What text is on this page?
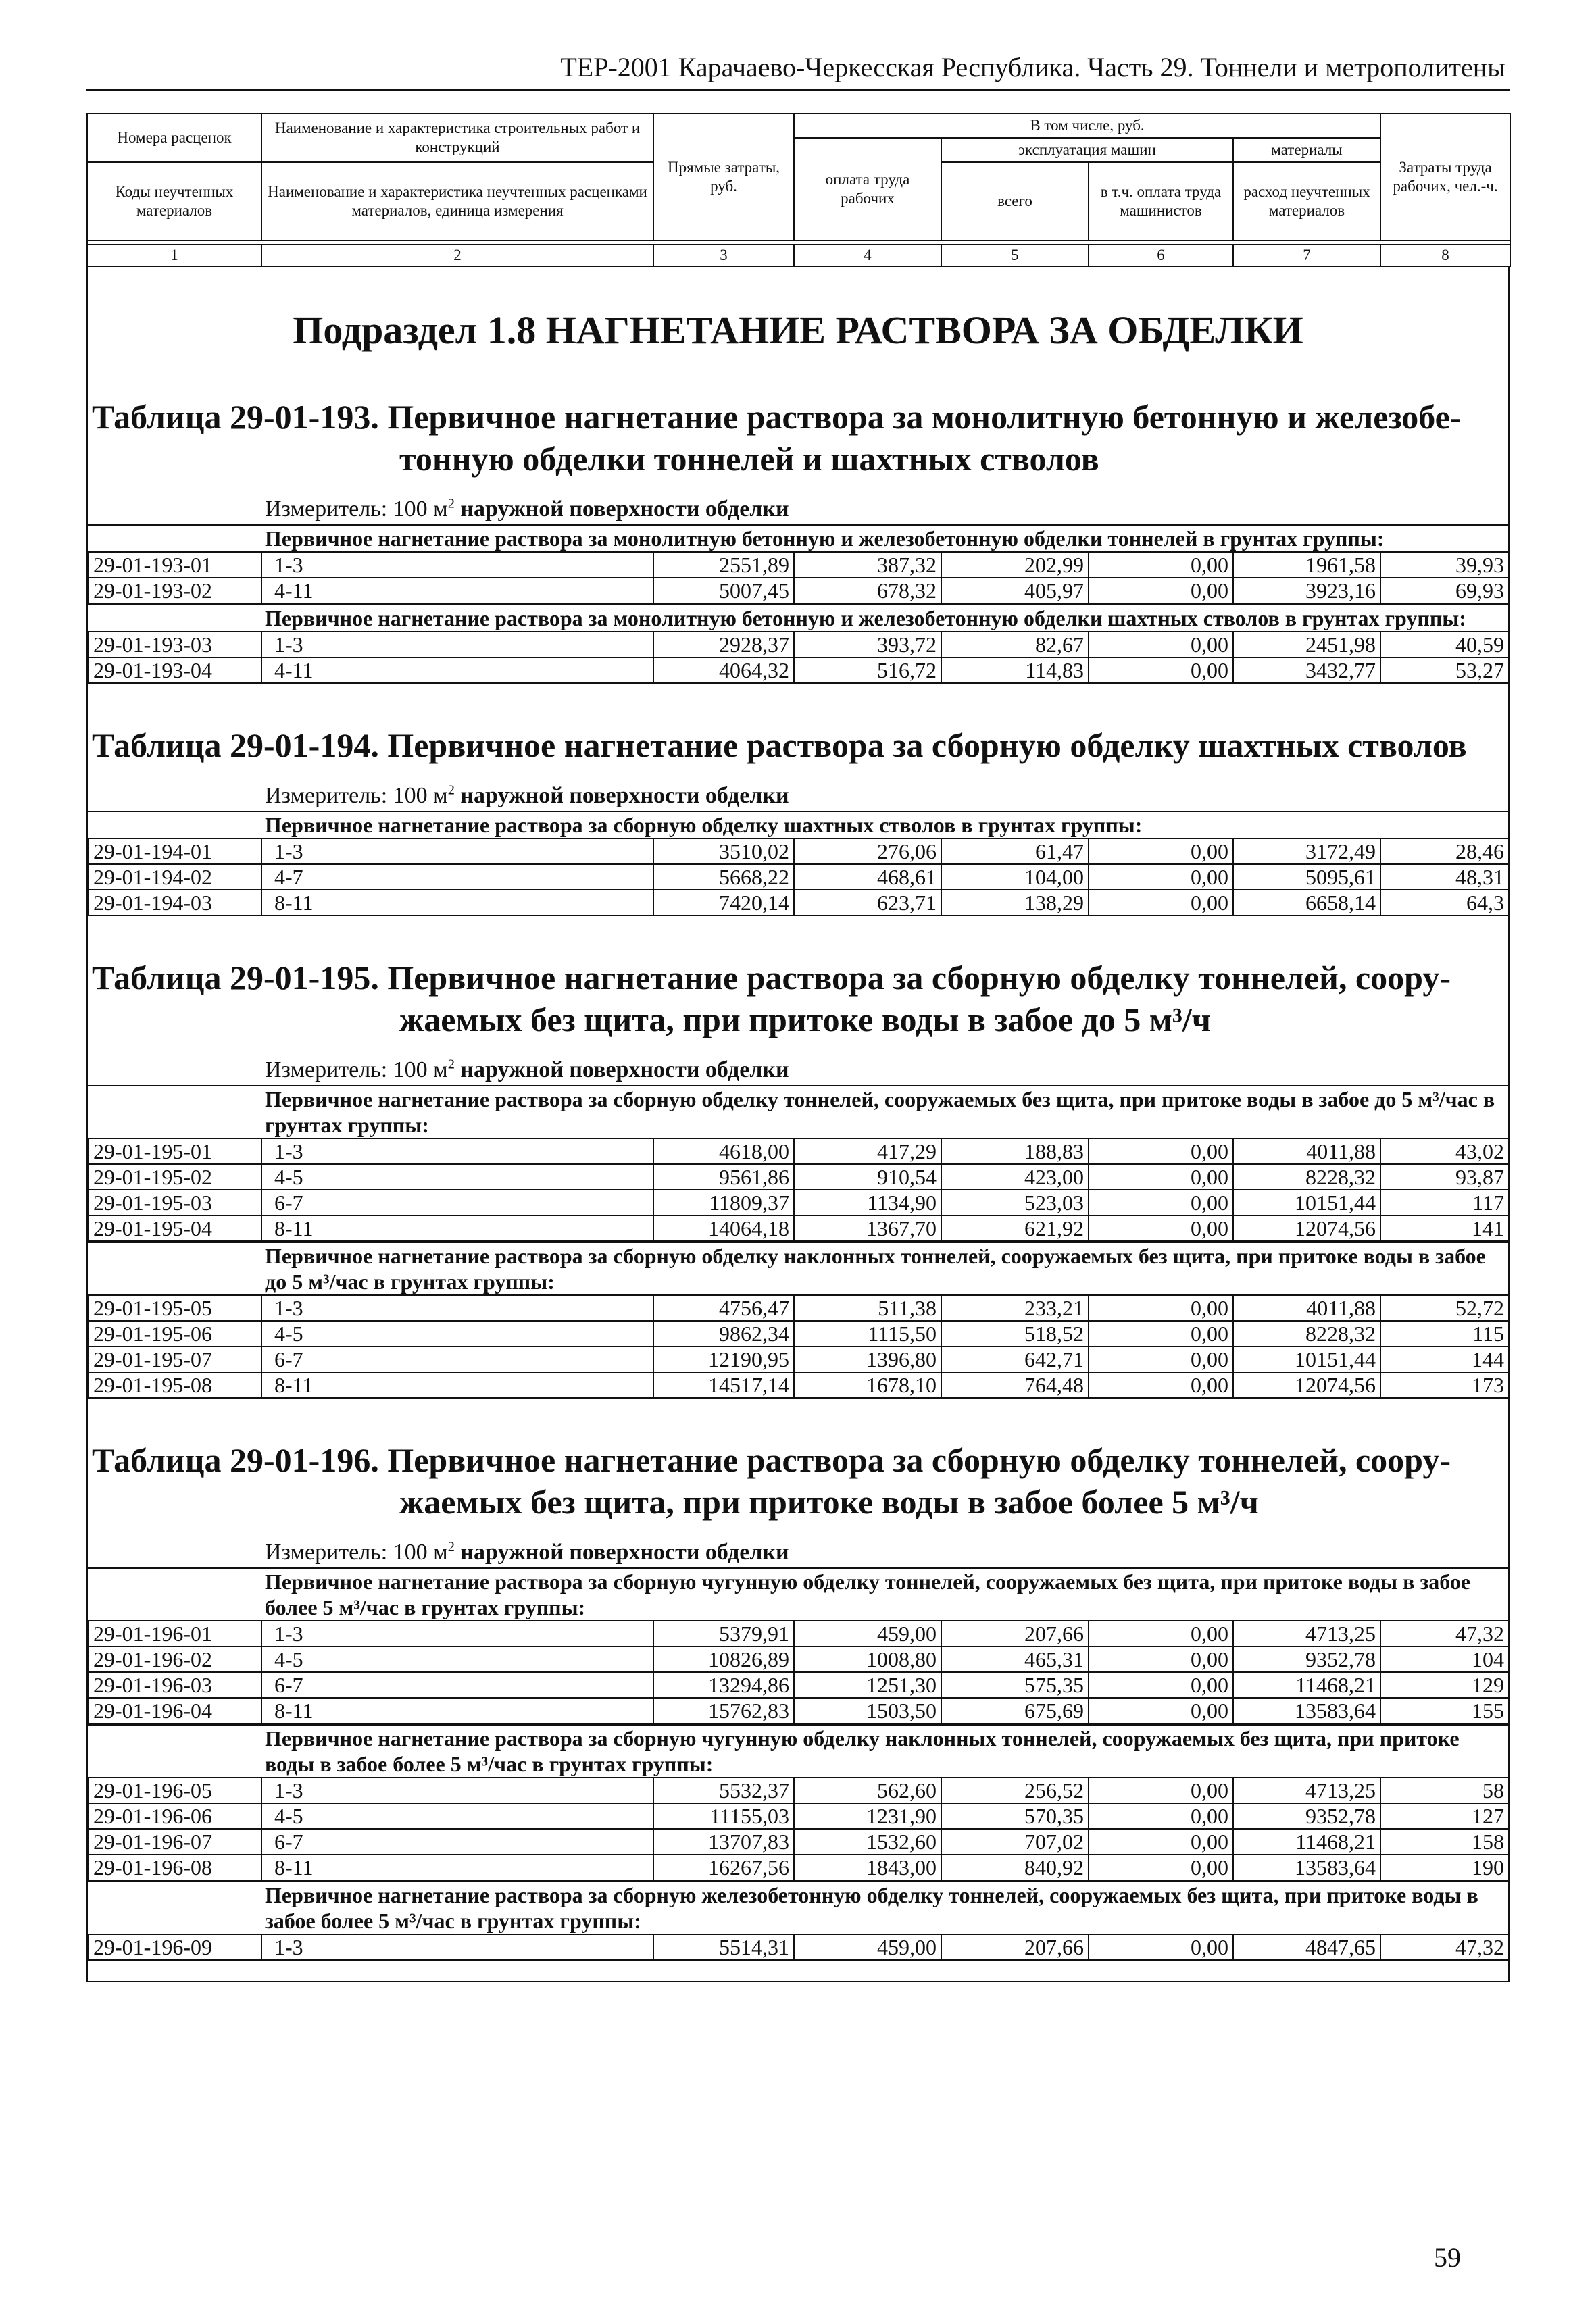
ТЕР-2001 Карачаево-Черкесская Республика. Часть 29. Тоннели и метрополитены
Номера расценок	Наименование и характеристика строительных работ и конструкций	Прямые затраты, руб.	В том числе, руб.				Затраты труда рабочих, чел.-ч.
			оплата труда рабочих	эксплуатация машин		материалы	
Коды неучтенных материалов	Наименование и характеристика неучтенных расценками материалов, единица измерения			всего	в т.ч. оплата труда машинистов	расход неучтенных материалов	

1	2	3	4	5	6	7	8
Подраздел 1.8 НАГНЕТАНИЕ РАСТВОРА ЗА ОБДЕЛКИ
Таблица 29-01-193. Первичное нагнетание раствора за монолитную бетонную и железобе-
тонную обделки тоннелей и шахтных стволов
Измеритель: 100 $м^2$ наружной поверхности обделки
Первичное нагнетание раствора за монолитную бетонную и железобетонную обделки тоннелей в грунтах группы:
29-01-193-01	1-3	2551,89	387,32	202,99	0,00	1961,58	39,93
29-01-193-02	4-11	5007,45	678,32	405,97	0,00	3923,16	69,93
Первичное нагнетание раствора за монолитную бетонную и железобетонную обделки шахтных стволов в грунтах группы:
29-01-193-03	1-3	2928,37	393,72	82,67	0,00	2451,98	40,59
29-01-193-04	4-11	4064,32	516,72	114,83	0,00	3432,77	53,27
Таблица 29-01-194. Первичное нагнетание раствора за сборную обделку шахтных стволов
Измеритель: 100 $м^2$ наружной поверхности обделки
Первичное нагнетание раствора за сборную обделку шахтных стволов в грунтах группы:
29-01-194-01	1-3	3510,02	276,06	61,47	0,00	3172,49	28,46
29-01-194-02	4-7	5668,22	468,61	104,00	0,00	5095,61	48,31
29-01-194-03	8-11	7420,14	623,71	138,29	0,00	6658,14	64,3
Таблица 29-01-195. Первичное нагнетание раствора за сборную обделку тоннелей, соору-
жаемых без щита, при притоке воды в забое до 5 м³/ч
Измеритель: 100 $м^2$ наружной поверхности обделки
Первичное нагнетание раствора за сборную обделку тоннелей, сооружаемых без щита, при притоке воды в забое до 5 м³/час в грунтах группы:
29-01-195-01	1-3	4618,00	417,29	188,83	0,00	4011,88	43,02
29-01-195-02	4-5	9561,86	910,54	423,00	0,00	8228,32	93,87
29-01-195-03	6-7	11809,37	1134,90	523,03	0,00	10151,44	117
29-01-195-04	8-11	14064,18	1367,70	621,92	0,00	12074,56	141
Первичное нагнетание раствора за сборную обделку наклонных тоннелей, сооружаемых без щита, при притоке воды в забое до 5 м³/час в грунтах группы:
29-01-195-05	1-3	4756,47	511,38	233,21	0,00	4011,88	52,72
29-01-195-06	4-5	9862,34	1115,50	518,52	0,00	8228,32	115
29-01-195-07	6-7	12190,95	1396,80	642,71	0,00	10151,44	144
29-01-195-08	8-11	14517,14	1678,10	764,48	0,00	12074,56	173
Таблица 29-01-196. Первичное нагнетание раствора за сборную обделку тоннелей, соору-
жаемых без щита, при притоке воды в забое более 5 м³/ч
Измеритель: 100 $м^2$ наружной поверхности обделки
Первичное нагнетание раствора за сборную чугунную обделку тоннелей, сооружаемых без щита, при притоке воды в забое более 5 м³/час в грунтах группы:
29-01-196-01	1-3	5379,91	459,00	207,66	0,00	4713,25	47,32
29-01-196-02	4-5	10826,89	1008,80	465,31	0,00	9352,78	104
29-01-196-03	6-7	13294,86	1251,30	575,35	0,00	11468,21	129
29-01-196-04	8-11	15762,83	1503,50	675,69	0,00	13583,64	155
Первичное нагнетание раствора за сборную чугунную обделку наклонных тоннелей, сооружаемых без щита, при притоке воды в забое более 5 м³/час в грунтах группы:
29-01-196-05	1-3	5532,37	562,60	256,52	0,00	4713,25	58
29-01-196-06	4-5	11155,03	1231,90	570,35	0,00	9352,78	127
29-01-196-07	6-7	13707,83	1532,60	707,02	0,00	11468,21	158
29-01-196-08	8-11	16267,56	1843,00	840,92	0,00	13583,64	190
Первичное нагнетание раствора за сборную железобетонную обделку тоннелей, сооружаемых без щита, при притоке воды в забое более 5 м³/час в грунтах группы:
29-01-196-09	1-3	5514,31	459,00	207,66	0,00	4847,65	47,32
59
